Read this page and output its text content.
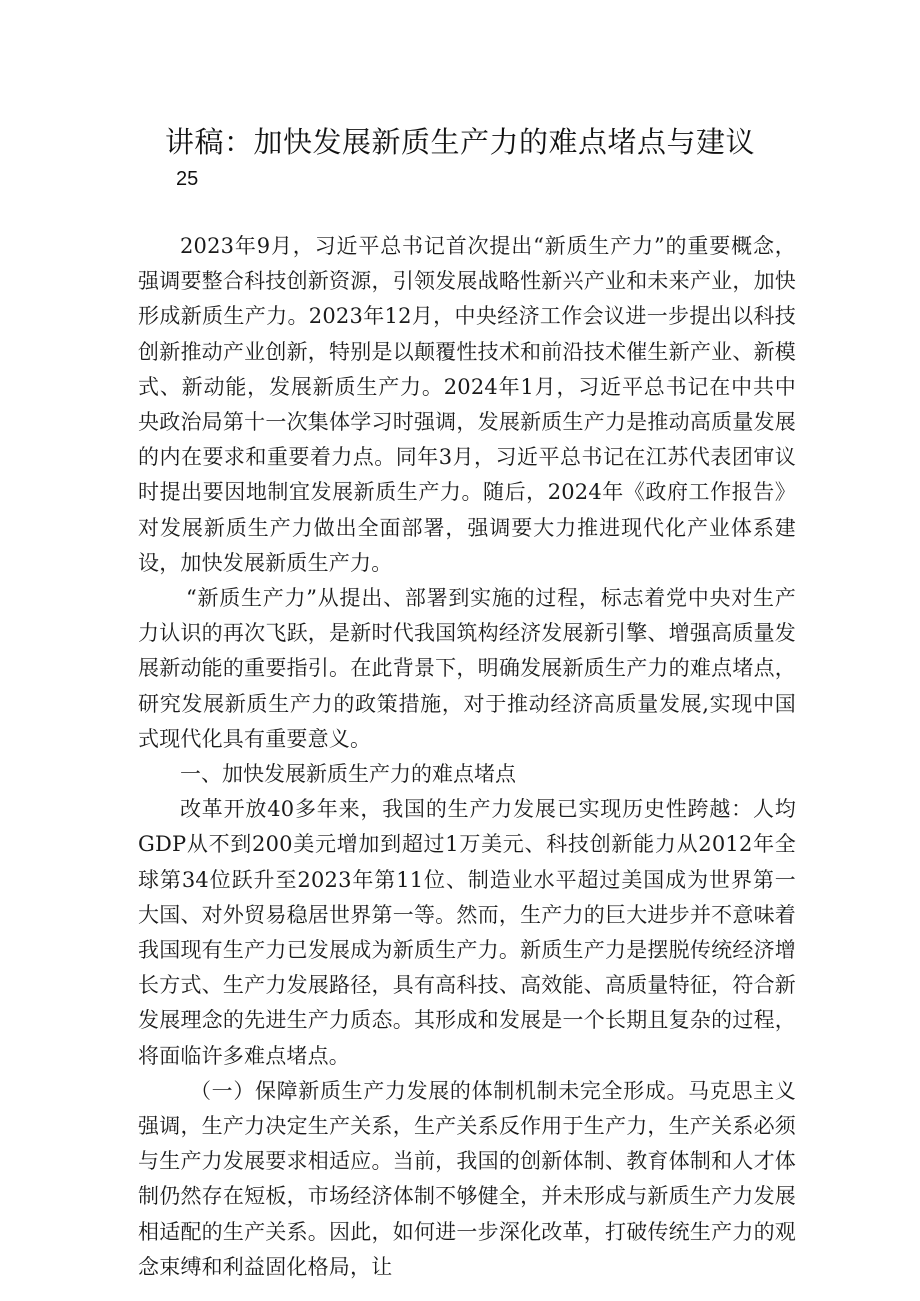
讲稿：加快发展新质生产力的难点堵点与建议
25

2023年9月，习近平总书记首次提出“新质生产力”的重要概念，强调要整合科技创新资源，引领发展战略性新兴产业和未来产业，加快形成新质生产力。2023年12月，中央经济工作会议进一步提出以科技创新推动产业创新，特别是以颠覆性技术和前沿技术催生新产业、新模式、新动能，发展新质生产力。2024年1月，习近平总书记在中共中央政治局第十一次集体学习时强调，发展新质生产力是推动高质量发展的内在要求和重要着力点。同年3月，习近平总书记在江苏代表团审议时提出要因地制宜发展新质生产力。随后，2024年《政府工作报告》对发展新质生产力做出全面部署，强调要大力推进现代化产业体系建设，加快发展新质生产力。

“新质生产力”从提出、部署到实施的过程，标志着党中央对生产力认识的再次飞跃，是新时代我国筑构经济发展新引擎、增强高质量发展新动能的重要指引。在此背景下，明确发展新质生产力的难点堵点，研究发展新质生产力的政策措施，对于推动经济高质量发展,实现中国式现代化具有重要意义。

一、加快发展新质生产力的难点堵点

改革开放40多年来，我国的生产力发展已实现历史性跨越：人均GDP从不到200美元增加到超过1万美元、科技创新能力从2012年全球第34位跃升至2023年第11位、制造业水平超过美国成为世界第一大国、对外贸易稳居世界第一等。然而，生产力的巨大进步并不意味着我国现有生产力已发展成为新质生产力。新质生产力是摆脱传统经济增长方式、生产力发展路径，具有高科技、高效能、高质量特征，符合新发展理念的先进生产力质态。其形成和发展是一个长期且复杂的过程，将面临许多难点堵点。

（一）保障新质生产力发展的体制机制未完全形成。马克思主义强调，生产力决定生产关系，生产关系反作用于生产力，生产关系必须与生产力发展要求相适应。当前，我国的创新体制、教育体制和人才体制仍然存在短板，市场经济体制不够健全，并未形成与新质生产力发展相适配的生产关系。因此，如何进一步深化改革，打破传统生产力的观念束缚和利益固化格局，让
